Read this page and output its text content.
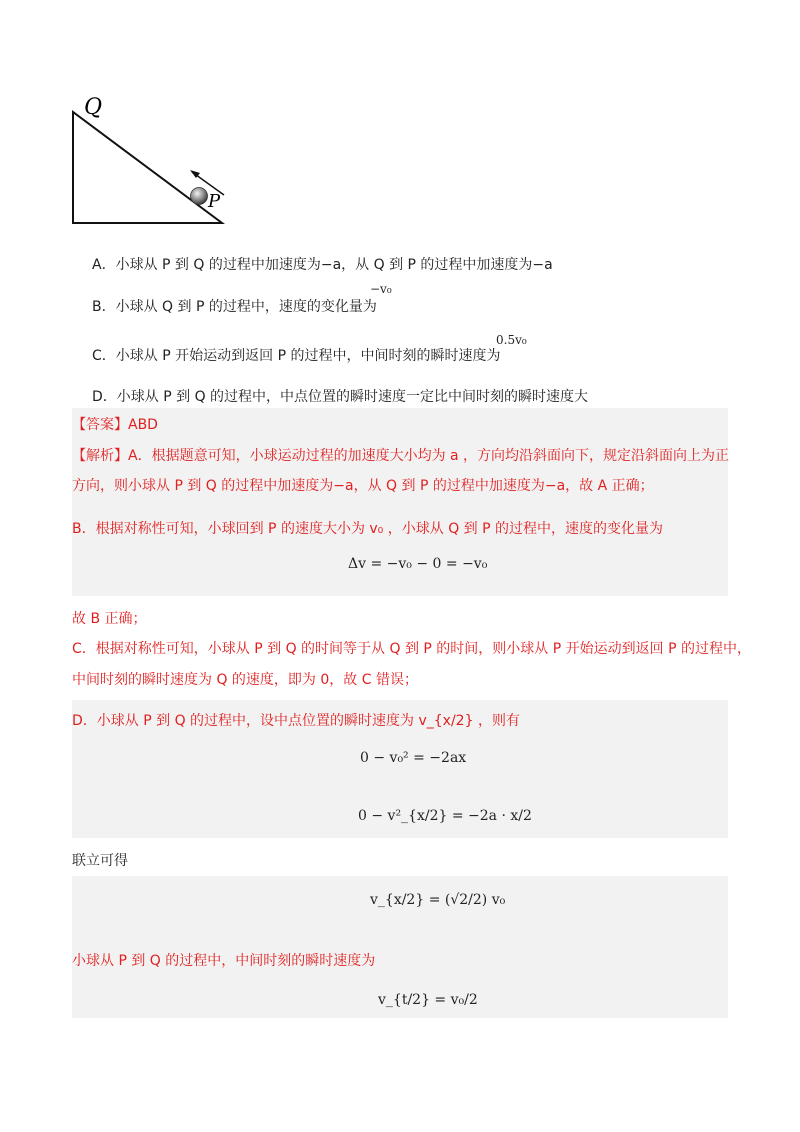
Q
P
A．小球从 P 到 Q 的过程中加速度为−a，从 Q 到 P 的过程中加速度为−a
B．小球从 Q 到 P 的过程中，速度的变化量为
−v₀
C．小球从 P 开始运动到返回 P 的过程中，中间时刻的瞬时速度为
0.5v₀
D．小球从 P 到 Q 的过程中，中点位置的瞬时速度一定比中间时刻的瞬时速度大
【答案】ABD
【解析】A．根据题意可知，小球运动过程的加速度大小均为 a ，方向均沿斜面向下，规定沿斜面向上为正
方向，则小球从 P 到 Q 的过程中加速度为−a，从 Q 到 P 的过程中加速度为−a，故 A 正确；
B．根据对称性可知，小球回到 P 的速度大小为 v₀ ，小球从 Q 到 P 的过程中，速度的变化量为
Δv = −v₀ − 0 = −v₀
故 B 正确；
C．根据对称性可知，小球从 P 到 Q 的时间等于从 Q 到 P 的时间，则小球从 P 开始运动到返回 P 的过程中，
中间时刻的瞬时速度为 Q 的速度，即为 0，故 C 错误；
D．小球从 P 到 Q 的过程中，设中点位置的瞬时速度为 v_{x/2} ，则有
0 − v₀² = −2ax
0 − v²_{x/2} = −2a · x/2
联立可得
v_{x/2} = (√2/2) v₀
小球从 P 到 Q 的过程中，中间时刻的瞬时速度为
v_{t/2} = v₀/2
